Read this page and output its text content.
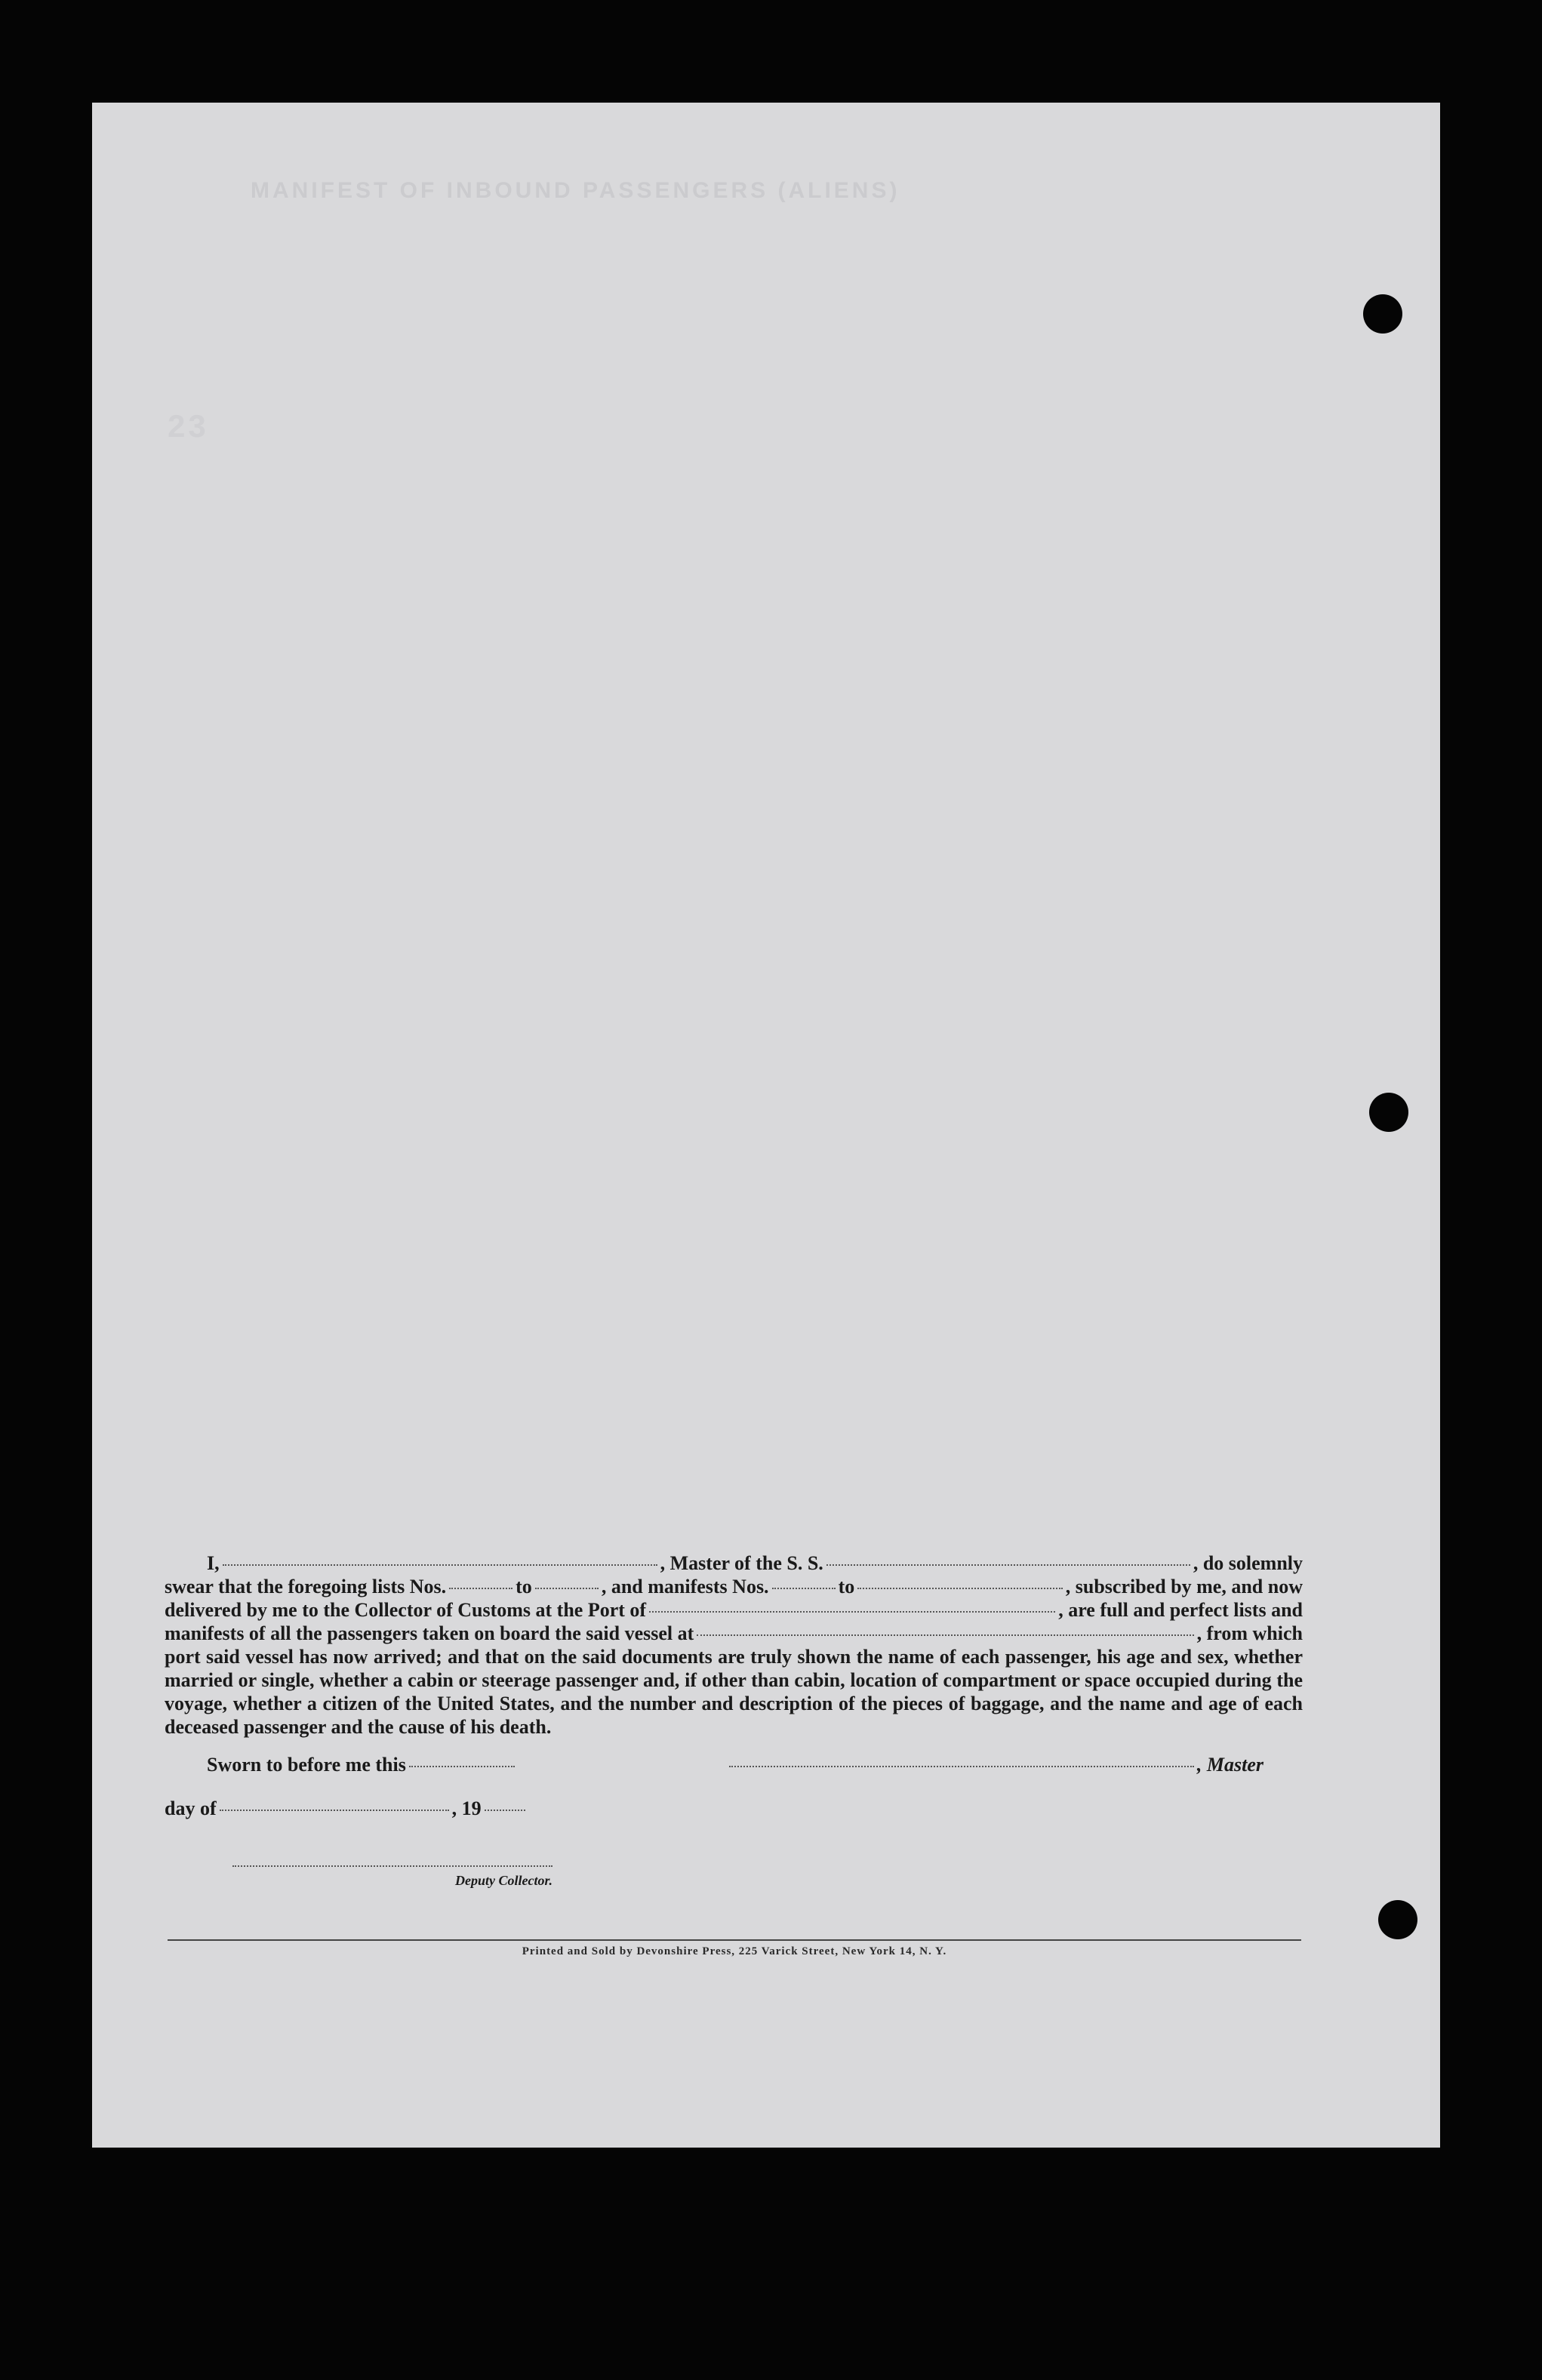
MANIFEST OF INBOUND PASSENGERS (ALIENS)
23
I,	, Master of the S. S.	, do solemnly
swear that the foregoing lists Nos.	to	, and manifests Nos.	to	, subscribed by me, and now
delivered by me to the Collector of Customs at the Port of	, are full and perfect lists and
manifests of all the passengers taken on board the said vessel at	, from which
port said vessel has now arrived; and that on the said documents are truly shown the name of each passenger, his age and sex, whether married or single, whether a cabin or steerage passenger and, if other than cabin, location of compartment or space occupied during the voyage, whether a citizen of the United States, and the number and description of the pieces of baggage, and the name and age of each deceased passenger and the cause of his death.
Sworn to before me this	, Master
day of	, 19
Deputy Collector.
Printed and Sold by Devonshire Press, 225 Varick Street, New York 14, N. Y.
